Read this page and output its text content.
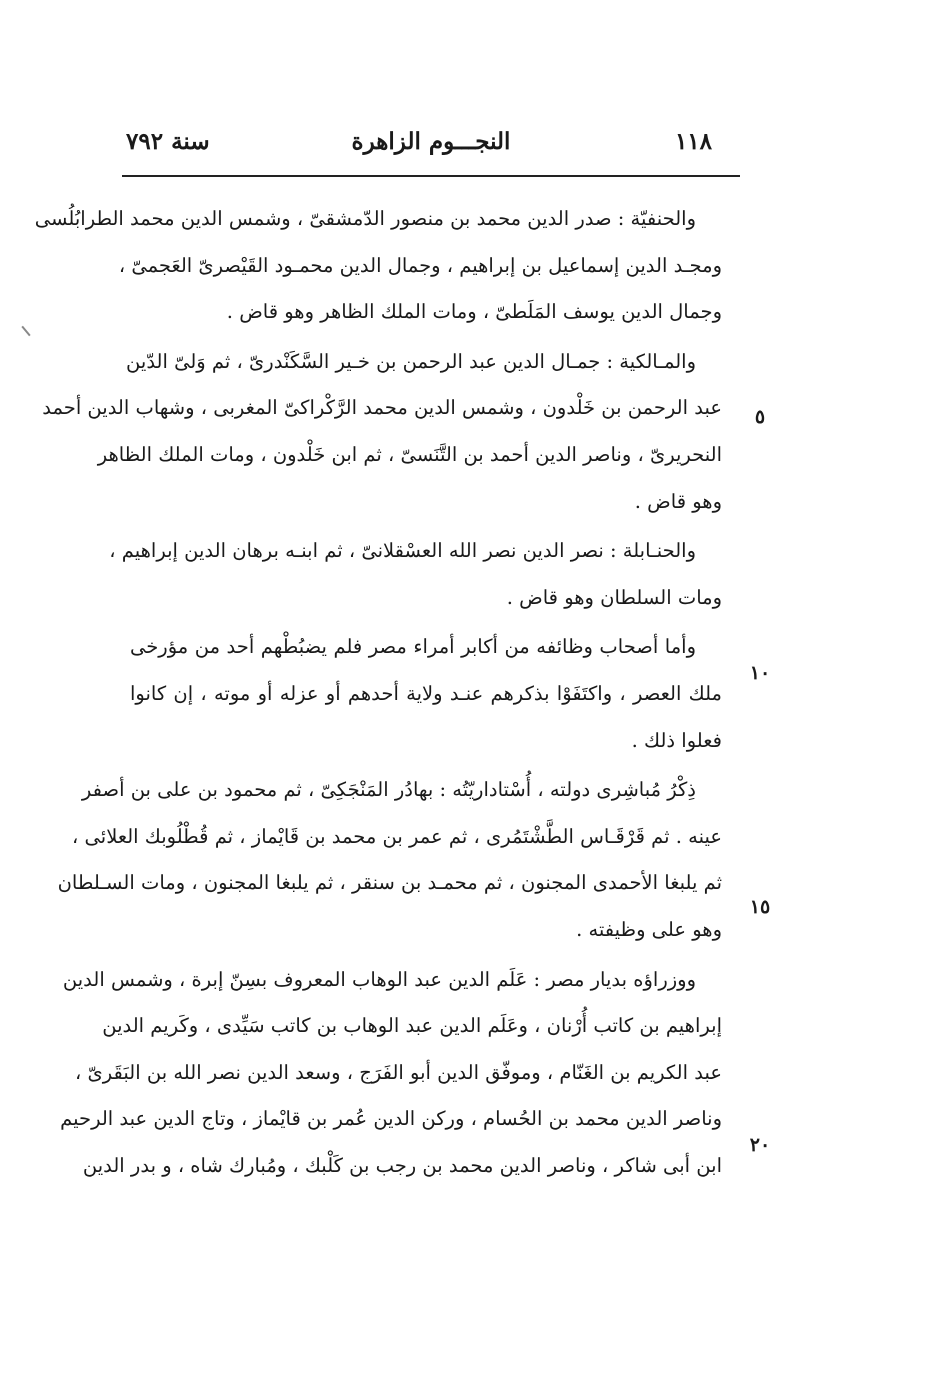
١١٨
النجـــوم الزاهرة
سنة ٧٩٢
٥
١٠
١٥
٢٠
والحنفيّة : صدر الدين محمد بن منصور الدّمشقىّ ، وشمس الدين محمد الطرابُلُسى
ومجـد الدين إسماعيل بن إبراهيم ، وجمال الدين محمـود القَيْصرىّ العَجمىّ ،
وجمال الدين يوسف المَلَطىّ ، ومات الملك الظاهر وهو قاض .
والمـالكية : جمـال الدين عبد الرحمن بن خـير السَّكَنْدرىّ ، ثم وَلىّ الدّين
عبد الرحمن بن خَلْدون ، وشمس الدين محمد الرَّكْراكىّ المغربى ، وشهاب الدين أحمد
النحريرىّ ، وناصر الدين أحمد بن التَّنَسىّ ، ثم ابن خَلْدون ، ومات الملك الظاهر
وهو قاض .
والحنـابلة : نصر الدين نصر الله العسْقلانىّ ، ثم ابنـه برهان الدين إبراهيم ،
ومات السلطان وهو قاض .
وأما أصحاب وظائفه من أكابر أمراء مصر فلم يضبُطْهم أحد من مؤرخى
ملك العصر ، واكتَفَوْا بذكرهم عنـد ولاية أحدهم أو عزله أو موته ، إن كانوا
فعلوا ذلك .
ذِكْرُ مُباشِرى دولته ، أُسْتاداريّتُه : بهادُر المَنْجَكِىّ ، ثم محمود بن على بن أصفر
عينه . ثم قَرْقَـاس الطَّشْتَمُرى ، ثم عمر بن محمد بن قَايْماز ، ثم قُطْلُوبك العلائى ،
ثم يلبغا الأحمدى المجنون ، ثم محمـد بن سنقر ، ثم يلبغا المجنون ، ومات السـلطان
وهو على وظيفته .
ووزراؤه بديار مصر : عَلَم الدين عبد الوهاب المعروف بسِنّ إبرة ، وشمس الدين
إبراهيم بن كاتب أُرْنان ، وعَلَم الدين عبد الوهاب بن كاتب سَيِّدى ، وكَريم الدين
عبد الكريم بن الغَنّام ، وموفّق الدين أبو الفَرَج ، وسعد الدين نصر الله بن البَقَرىّ ،
وناصر الدين محمد بن الحُسام ، وركن الدين عُمر بن قايْماز ، وتاج الدين عبد الرحيم
ابن أبى شاكر ، وناصر الدين محمد بن رجب بن كَلْبك ، ومُبارك شاه ، و بدر الدين
